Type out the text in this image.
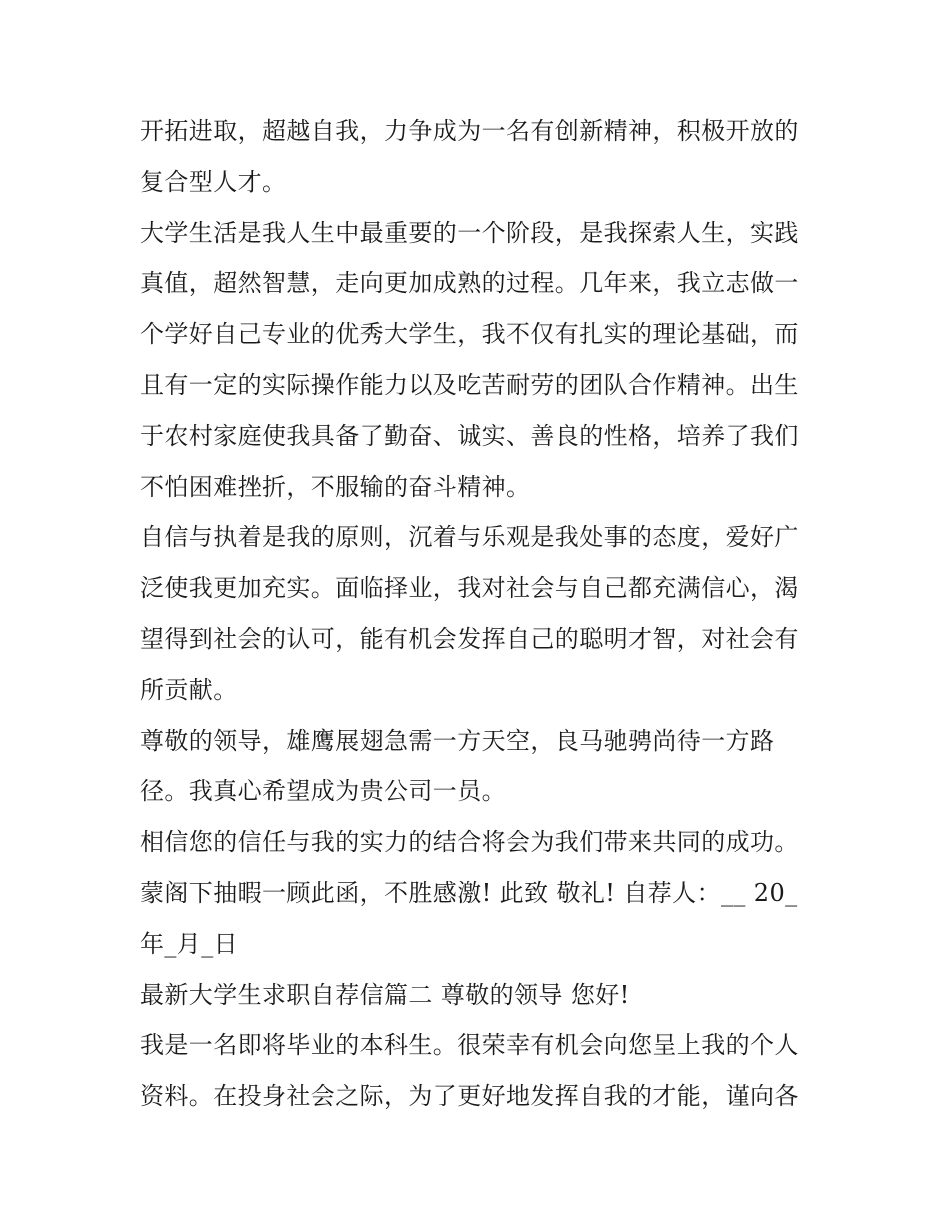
开拓进取，超越自我，力争成为一名有创新精神，积极开放的
复合型人才。
大学生活是我人生中最重要的一个阶段，是我探索人生，实践
真值，超然智慧，走向更加成熟的过程。几年来，我立志做一
个学好自己专业的优秀大学生，我不仅有扎实的理论基础，而
且有一定的实际操作能力以及吃苦耐劳的团队合作精神。出生
于农村家庭使我具备了勤奋、诚实、善良的性格，培养了我们
不怕困难挫折，不服输的奋斗精神。
自信与执着是我的原则，沉着与乐观是我处事的态度，爱好广
泛使我更加充实。面临择业，我对社会与自己都充满信心，渴
望得到社会的认可，能有机会发挥自己的聪明才智，对社会有
所贡献。
尊敬的领导，雄鹰展翅急需一方天空，良马驰骋尚待一方路
径。我真心希望成为贵公司一员。
相信您的信任与我的实力的结合将会为我们带来共同的成功。
蒙阁下抽暇一顾此函，不胜感激! 此致 敬礼! 自荐人：__ 20_
年_月_日
最新大学生求职自荐信篇二 尊敬的领导 您好!
我是一名即将毕业的本科生。很荣幸有机会向您呈上我的个人
资料。在投身社会之际，为了更好地发挥自我的才能，谨向各
